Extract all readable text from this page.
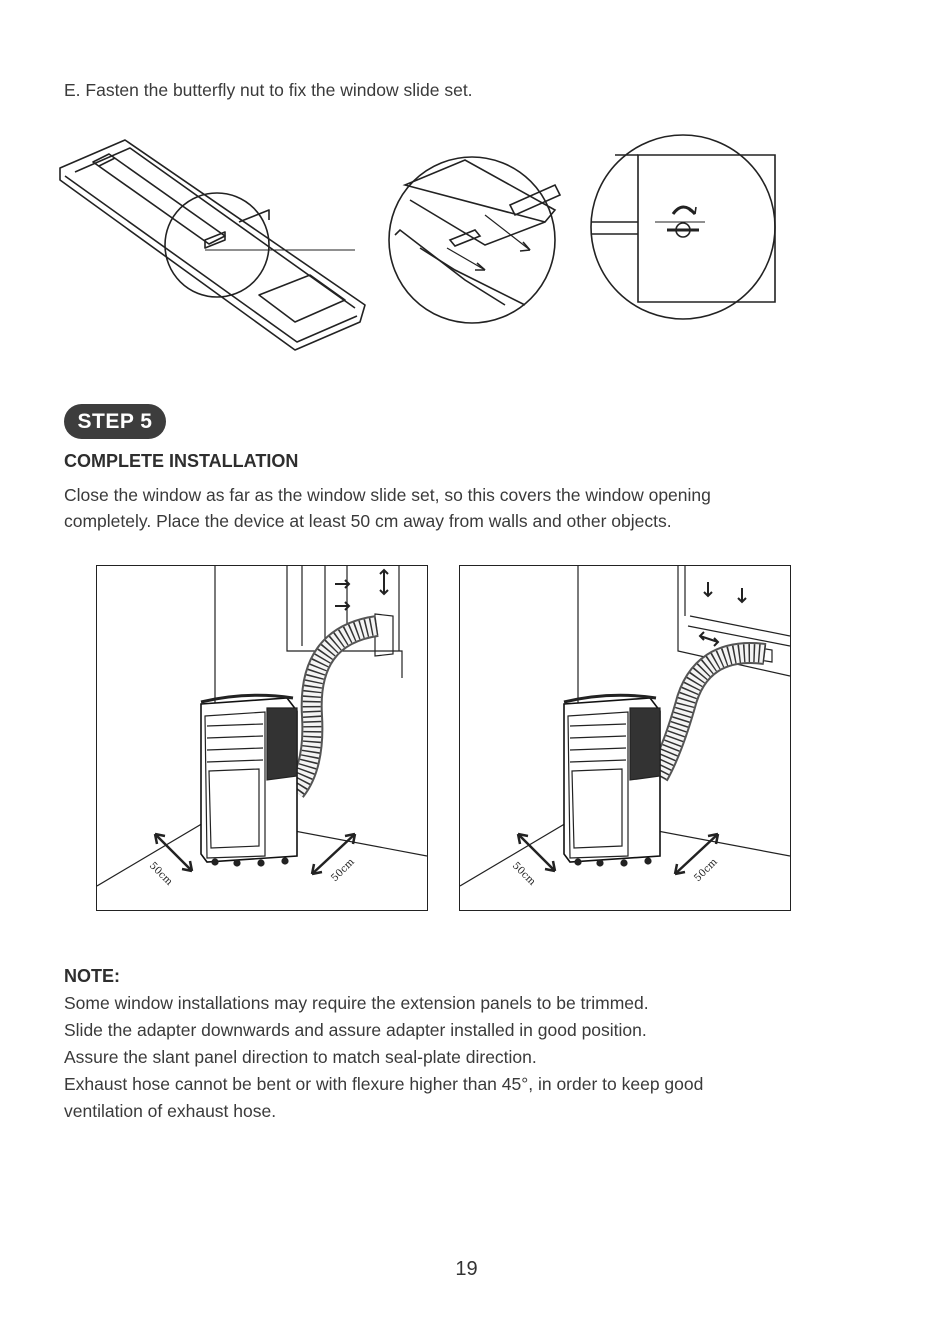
E. Fasten the butterfly nut to fix the window slide set.
STEP 5
COMPLETE INSTALLATION
Close the window as far as the window slide set, so this covers the window opening
completely. Place the device at least 50 cm away from walls and other objects.
50cm	50cm	50cm	50cm
NOTE:
Some window installations may require the extension panels to be trimmed.
Slide the adapter downwards and assure adapter installed in good position.
Assure the slant panel direction to match seal-plate direction.
Exhaust hose cannot be bent or with flexure higher than 45°, in order to keep good
ventilation of exhaust hose.
19
